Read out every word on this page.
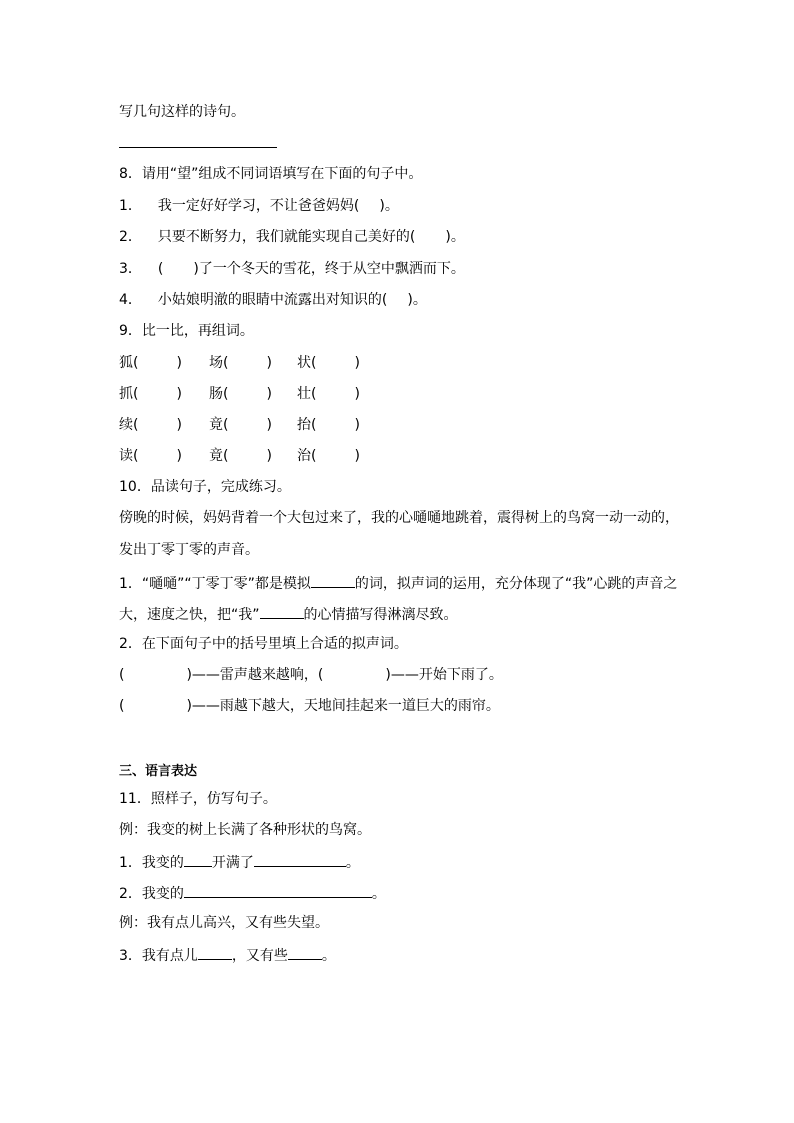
写几句这样的诗句。
8．请用“望”组成不同词语填写在下面的句子中。
1． 我一定好好学习，不让爸爸妈妈( )。
2． 只要不断努力，我们就能实现自己美好的( )。
3． ( )了一个冬天的雪花，终于从空中飘洒而下。
4． 小姑娘明澈的眼睛中流露出对知识的( )。
9．比一比，再组词。
狐(	) 场(	) 状(	)
抓(	) 肠(	) 壮(	)
续(	) 竟(	) 抬(	)
读(	) 竟(	) 治(	)
10．品读句子，完成练习。
傍晚的时候，妈妈背着一个大包过来了，我的心嗵嗵地跳着，震得树上的鸟窝一动一动的，
发出丁零丁零的声音。
1．“嗵嗵”“丁零丁零”都是模拟	的词，拟声词的运用，充分体现了“我”心跳的声音之
大，速度之快，把“我”	的心情描写得淋漓尽致。
2．在下面句子中的括号里填上合适的拟声词。
(	)——雷声越来越响，(	)——开始下雨了。
(	)——雨越下越大，天地间挂起来一道巨大的雨帘。
三、语言表达
11．照样子，仿写句子。
例：我变的树上长满了各种形状的鸟窝。
1．我变的 开满了	。
2．我变的	。
例：我有点儿高兴，又有些失望。
3．我有点儿 ，又有些 。
